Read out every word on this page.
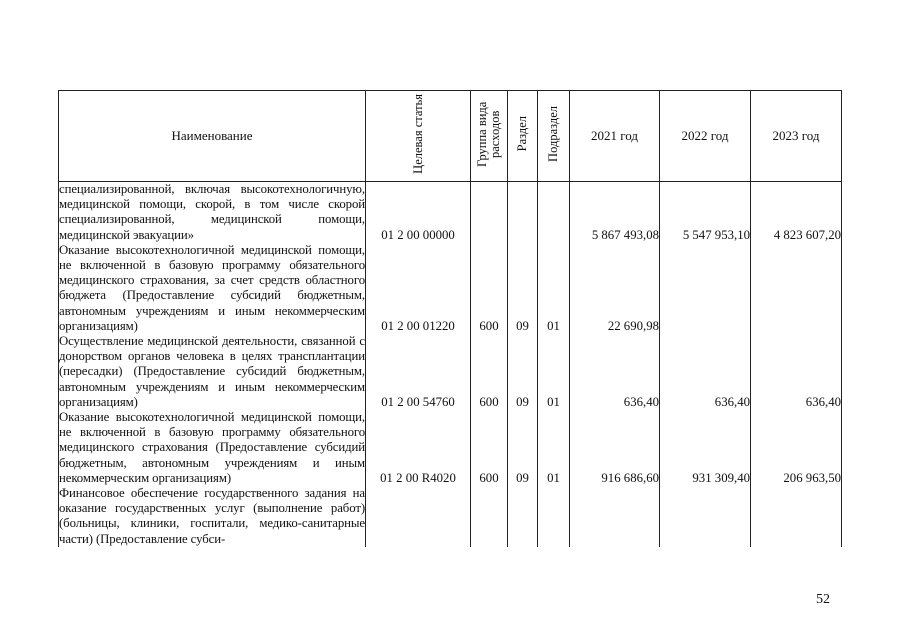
Наименование	Целевая статья	Группа вида расходов	Раздел	Подраздел	2021 год	2022 год	2023 год
специализированной, включая высокотехнологичную, медицинской помощи, скорой, в том числе скорой специализированной, медицинской помощи, медицинской эвакуации»	01 2 00 00000				5 867 493,08	5 547 953,10	4 823 607,20
Оказание высокотехнологичной медицинской помощи, не включенной в базовую программу обязательного медицинского страхования, за счет средств областного бюджета (Предоставление субсидий бюджетным, автономным учреждениям и иным некоммерческим организациям)	01 2 00 01220	600	09	01	22 690,98		
Осуществление медицинской деятельности, связанной с донорством органов человека в целях трансплантации (пересадки) (Предоставление субсидий бюджетным, автономным учреждениям и иным некоммерческим организациям)	01 2 00 54760	600	09	01	636,40	636,40	636,40
Оказание высокотехнологичной медицинской помощи, не включенной в базовую программу обязательного медицинского страхования (Предоставление субсидий бюджетным, автономным учреждениям и иным некоммерческим организациям)	01 2 00 R4020	600	09	01	916 686,60	931 309,40	206 963,50
Финансовое обеспечение государственного задания на оказание государственных услуг (выполнение работ) (больницы, клиники, госпитали, медико-санитарные части) (Предоставление субси-							
52
